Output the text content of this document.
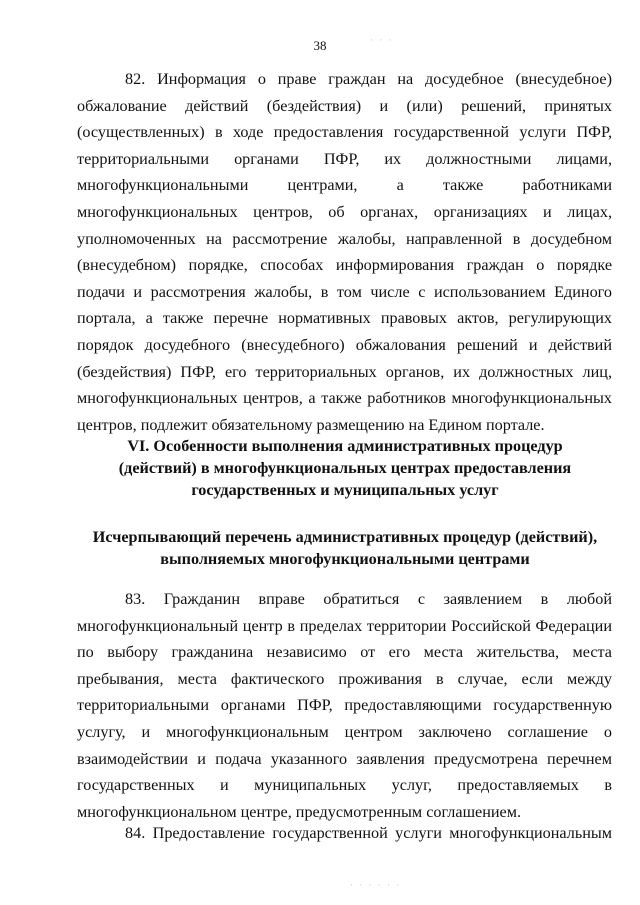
38

82. Информация о праве граждан на досудебное (внесудебное) обжалование действий (бездействия) и (или) решений, принятых (осуществленных) в ходе предоставления государственной услуги ПФР, территориальными органами ПФР, их должностными лицами, многофункциональными центрами, а также работниками многофункциональных центров, об органах, организациях и лицах, уполномоченных на рассмотрение жалобы, направленной в досудебном (внесудебном) порядке, способах информирования граждан о порядке подачи и рассмотрения жалобы, в том числе с использованием Единого портала, а также перечне нормативных правовых актов, регулирующих порядок досудебного (внесудебного) обжалования решений и действий (бездействия) ПФР, его территориальных органов, их должностных лиц, многофункциональных центров, а также работников многофункциональных центров, подлежит обязательному размещению на Едином портале.

VI. Особенности выполнения административных процедур
(действий) в многофункциональных центрах предоставления
государственных и муниципальных услуг
Исчерпывающий перечень административных процедур (действий),
выполняемых многофункциональными центрами

83. Гражданин вправе обратиться с заявлением в любой многофункциональный центр в пределах территории Российской Федерации по выбору гражданина независимо от его места жительства, места пребывания, места фактического проживания в случае, если между территориальными органами ПФР, предоставляющими государственную услугу, и многофункциональным центром заключено соглашение о взаимодействии и подача указанного заявления предусмотрена перечнем государственных и муниципальных услуг, предоставляемых в многофункциональном центре, предусмотренным соглашением.

84. Предоставление государственной услуги многофункциональным

· · ·
· · · · · ·
